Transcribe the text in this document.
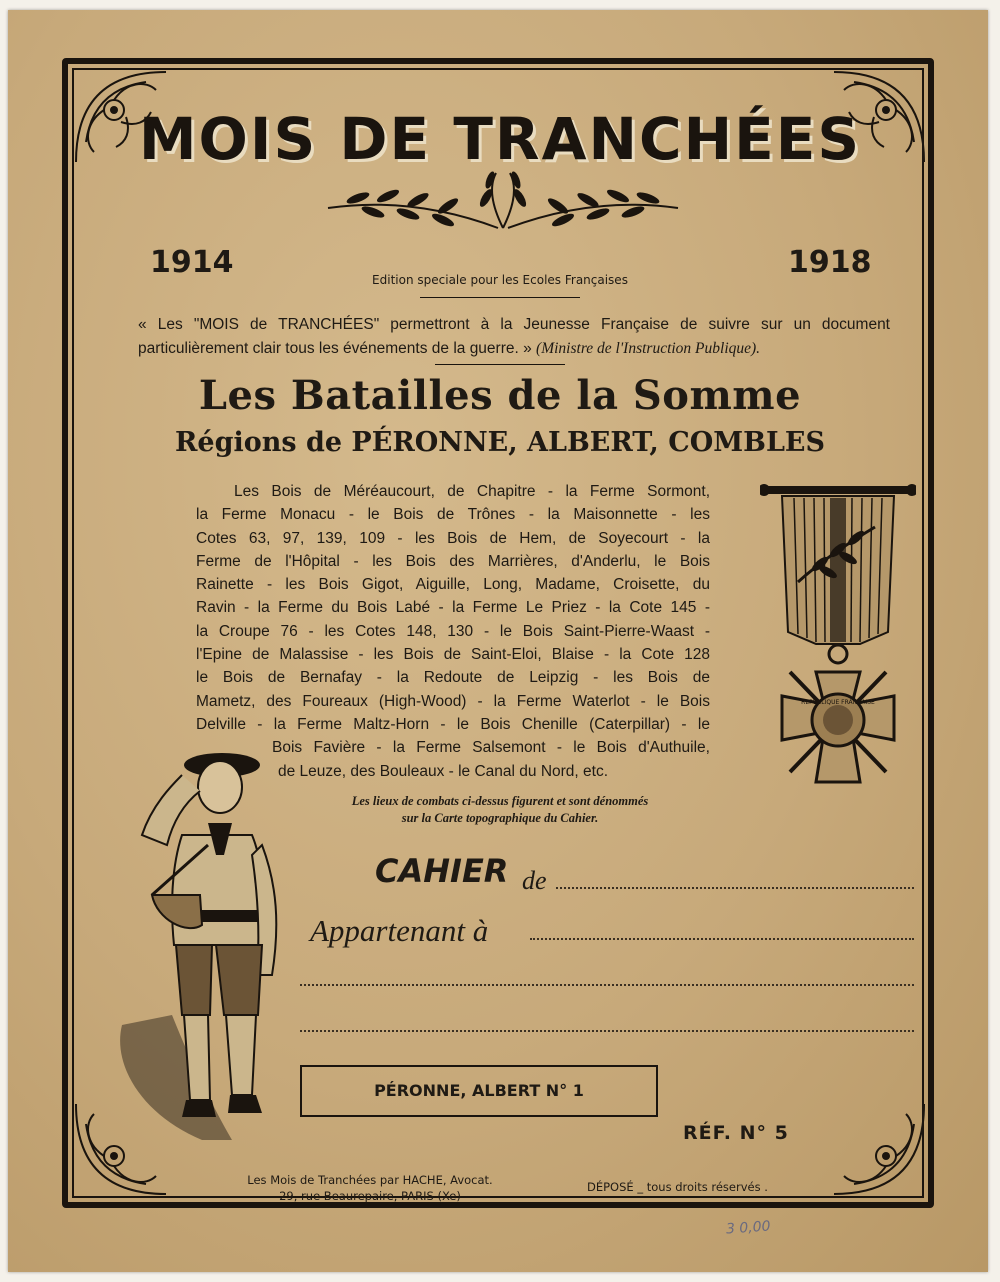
MOIS DE TRANCHÉES
1914	1918
Edition speciale pour les Ecoles Françaises
« Les "MOIS de TRANCHÉES" permettront à la Jeunesse Française de suivre sur un document particulièrement clair tous les événements de la guerre. » (Ministre de l'Instruction Publique).
Les Batailles de la Somme
Régions de PÉRONNE, ALBERT, COMBLES
Les Bois de Méréaucourt, de Chapitre - la Ferme Sormont,
la Ferme Monacu - le Bois de Trônes - la Maisonnette - les
Cotes 63, 97, 139, 109 - les Bois de Hem, de Soyecourt - la
Ferme de l'Hôpital - les Bois des Marrières, d'Anderlu, le Bois
Rainette - les Bois Gigot, Aiguille, Long, Madame, Croisette, du
Ravin - la Ferme du Bois Labé - la Ferme Le Priez - la Cote 145 -
la Croupe 76 - les Cotes 148, 130 - le Bois Saint-Pierre-Waast -
l'Epine de Malassise - les Bois de Saint-Eloi, Blaise - la Cote 128
le Bois de Bernafay - la Redoute de Leipzig - les Bois de
Mametz, des Foureaux (High-Wood) - la Ferme Waterlot - le Bois
Delville - la Ferme Maltz-Horn - le Bois Chenille (Caterpillar) - le
Bois Favière - la Ferme Salsemont - le Bois d'Authuile,
de Leuze, des Bouleaux - le Canal du Nord, etc.
Les lieux de combats ci-dessus figurent et sont dénommés
sur la Carte topographique du Cahier.
REPUBLIQUE FRANCAISE
CAHIER de
Appartenant à
PÉRONNE, ALBERT N° 1
RÉF. N° 5
Les Mois de Tranchées par HACHE, Avocat.
29, rue Beaurepaire, PARIS (Xe)
DÉPOSÉ _ tous droits réservés .
3 0,00
